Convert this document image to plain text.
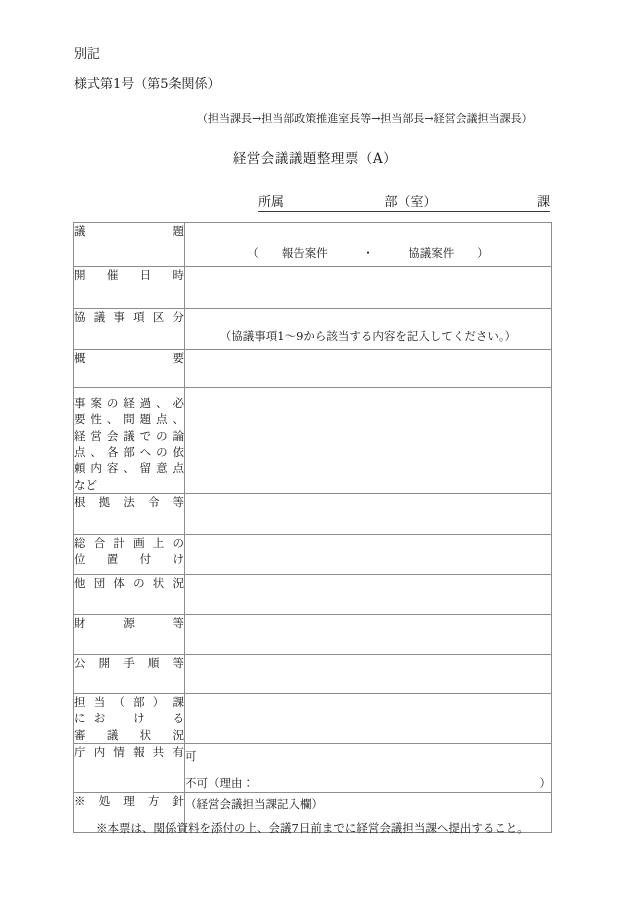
別記
様式第1号（第5条関係）
（担当課長→担当部政策推進室長等→担当部長→経営会議担当課長）
経営会議議題整理票（A）
所属	部（室）	課
議　　　　題	（　　報告案件　　　・　　　協議案件　　）

開　催　日　時	

協議事項区分	（協議事項1〜9から該当する内容を記入してください。）

概　　　　要	

事案の経過、必
要性、問題点、
経営会議での論
点、各部への依
頼内容、留意点
など

根　拠　法　令　等	

総合計画上の
位　置　付　け	

他団体の状況	

財　　源　　等	

公　開　手　順　等	

担当（部）課
にお　け　る
審　議　状　況	

庁内情報共有	可
不可（理由： ）

※　処　理　方　針	（経営会議担当課記入欄）
※本票は、関係資料を添付の上、会議7日前までに経営会議担当課へ提出すること。
